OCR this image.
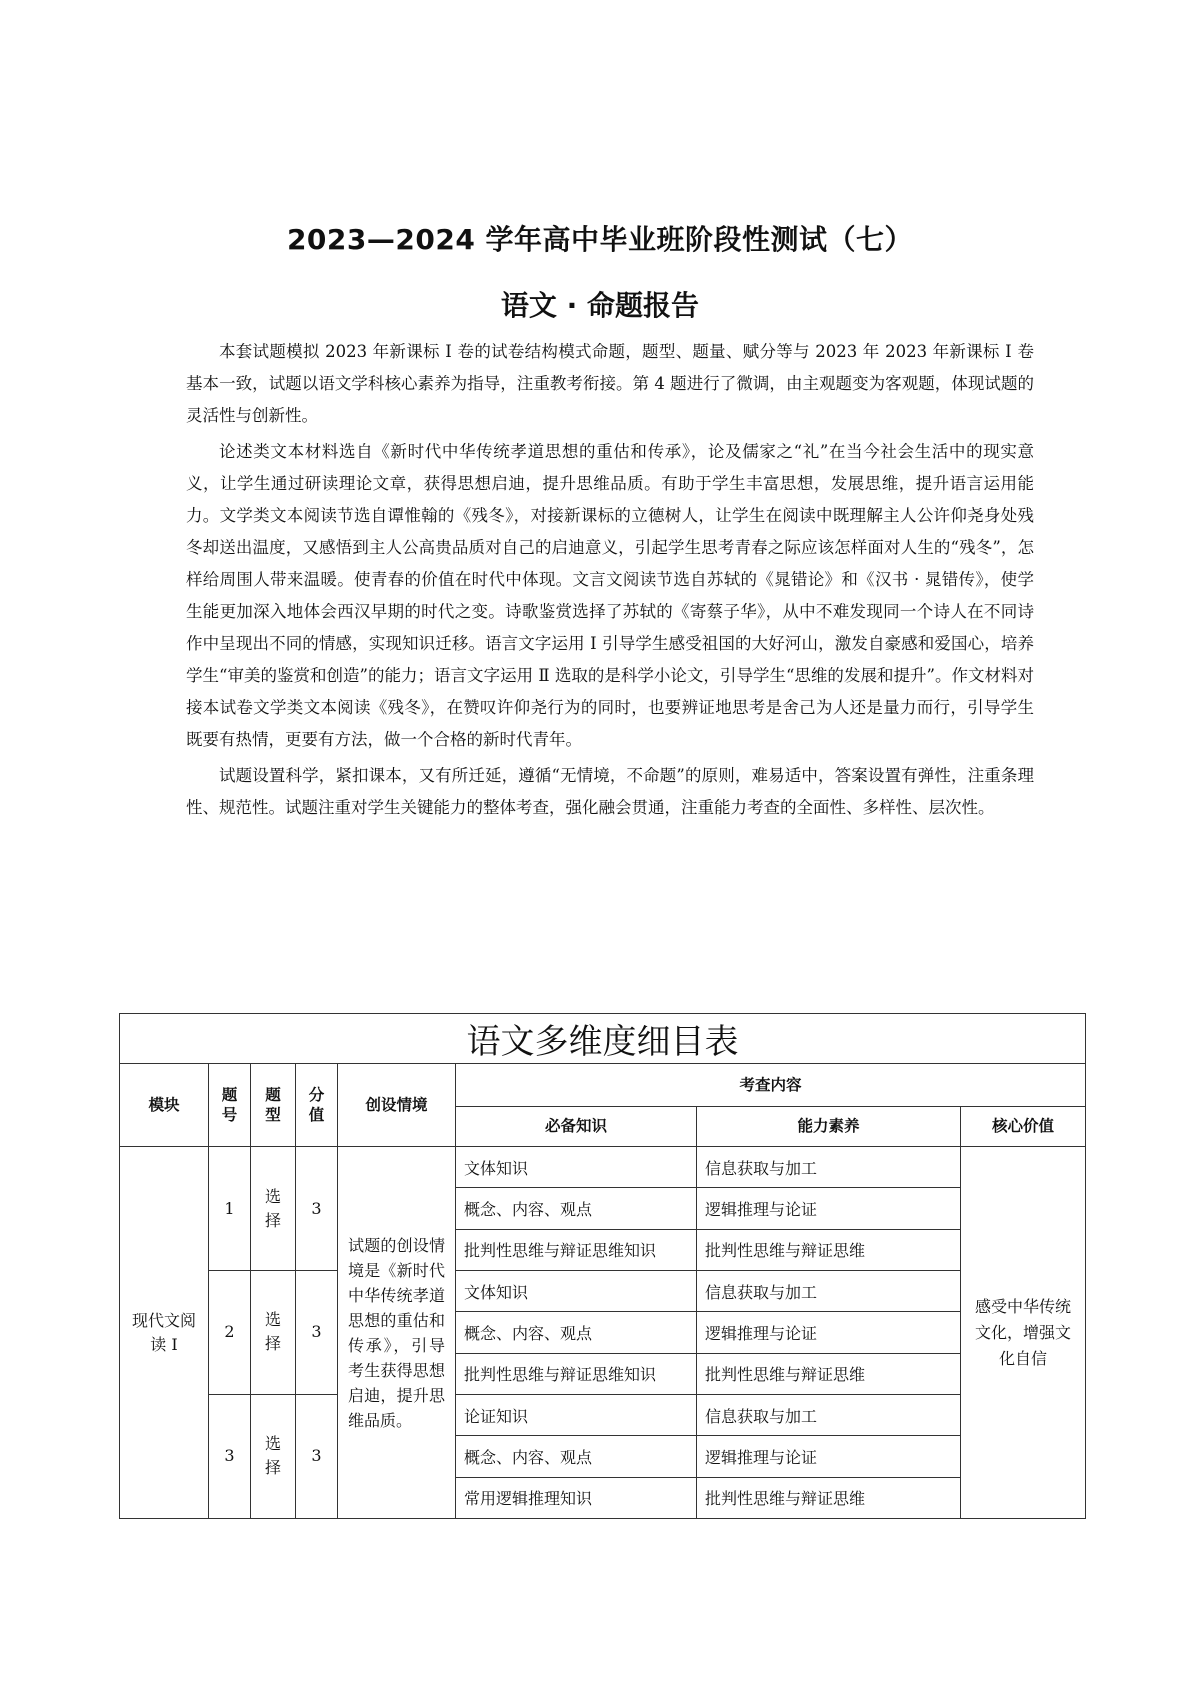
2023—2024 学年高中毕业班阶段性测试（七）
语文 · 命题报告

本套试题模拟 2023 年新课标 Ⅰ 卷的试卷结构模式命题，题型、题量、赋分等与 2023 年 2023 年新课标 Ⅰ 卷基本一致，试题以语文学科核心素养为指导，注重教考衔接。第 4 题进行了微调，由主观题变为客观题，体现试题的灵活性与创新性。

论述类文本材料选自《新时代中华传统孝道思想的重估和传承》，论及儒家之“礼”在当今社会生活中的现实意义，让学生通过研读理论文章，获得思想启迪，提升思维品质。有助于学生丰富思想，发展思维，提升语言运用能力。文学类文本阅读节选自谭惟翰的《残冬》，对接新课标的立德树人，让学生在阅读中既理解主人公许仰尧身处残冬却送出温度，又感悟到主人公高贵品质对自己的启迪意义，引起学生思考青春之际应该怎样面对人生的“残冬”，怎样给周围人带来温暖。使青春的价值在时代中体现。文言文阅读节选自苏轼的《晁错论》和《汉书 · 晁错传》，使学生能更加深入地体会西汉早期的时代之变。诗歌鉴赏选择了苏轼的《寄蔡子华》，从中不难发现同一个诗人在不同诗作中呈现出不同的情感，实现知识迁移。语言文字运用 Ⅰ 引导学生感受祖国的大好河山，激发自豪感和爱国心，培养学生“审美的鉴赏和创造”的能力；语言文字运用 Ⅱ 选取的是科学小论文，引导学生“思维的发展和提升”。作文材料对接本试卷文学类文本阅读《残冬》，在赞叹许仰尧行为的同时，也要辨证地思考是舍己为人还是量力而行，引导学生既要有热情，更要有方法，做一个合格的新时代青年。

试题设置科学，紧扣课本，又有所迁延，遵循“无情境，不命题”的原则，难易适中，答案设置有弹性，注重条理性、规范性。试题注重对学生关键能力的整体考查，强化融会贯通，注重能力考查的全面性、多样性、层次性。

语文多维度细目表							
模块	题号	题型	分值	创设情境	考查内容		
					必备知识	能力素养	核心价值
现代文阅读 I	1	选择	3	试题的创设情境是《新时代中华传统孝道思想的重估和传承》，引导考生获得思想启迪，提升思维品质。	文体知识	信息获取与加工	感受中华传统文化，增强文化自信
					概念、内容、观点	逻辑推理与论证	
					批判性思维与辩证思维知识	批判性思维与辩证思维	
	2	选择	3		文体知识	信息获取与加工	
					概念、内容、观点	逻辑推理与论证	
					批判性思维与辩证思维知识	批判性思维与辩证思维	
	3	选择	3		论证知识	信息获取与加工	
					概念、内容、观点	逻辑推理与论证	
					常用逻辑推理知识	批判性思维与辩证思维	
